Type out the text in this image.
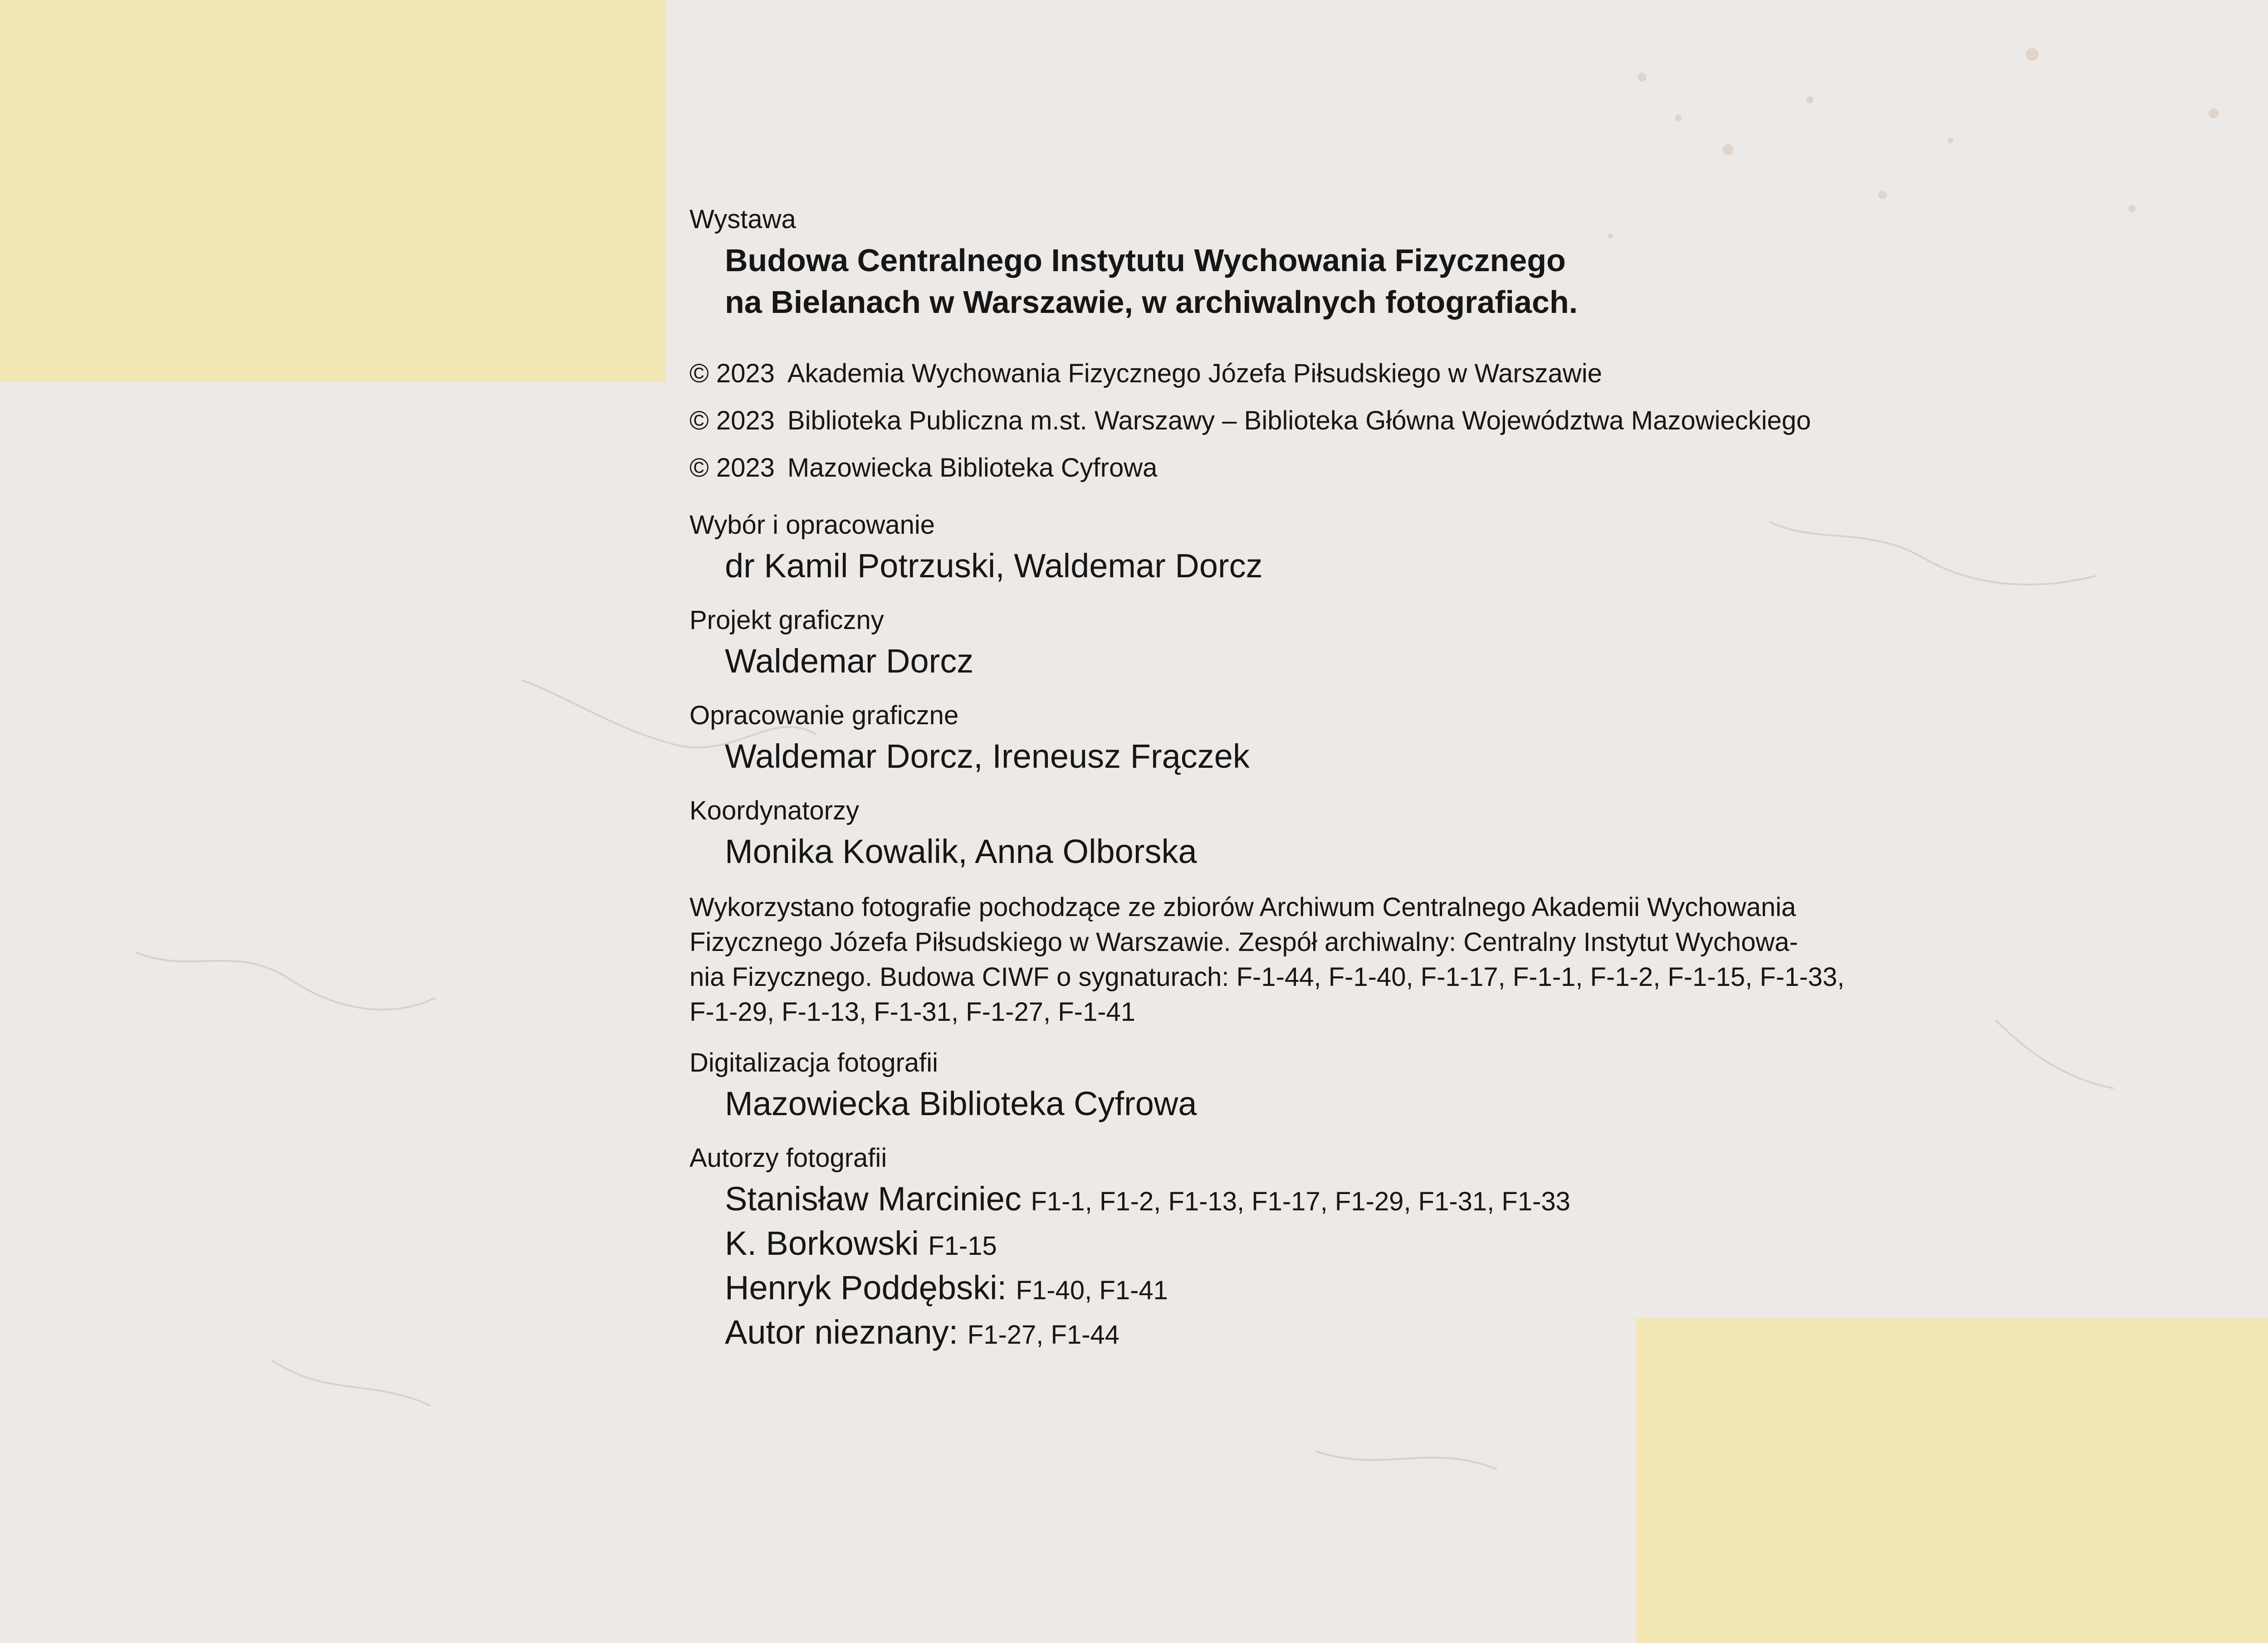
Wystawa
Budowa Centralnego Instytutu Wychowania Fizycznego
na Bielanach w Warszawie, w archiwalnych fotografiach.
© 2023 Akademia Wychowania Fizycznego Józefa Piłsudskiego w Warszawie
© 2023 Biblioteka Publiczna m.st. Warszawy – Biblioteka Główna Województwa Mazowieckiego
© 2023 Mazowiecka Biblioteka Cyfrowa
Wybór i opracowanie
dr Kamil Potrzuski, Waldemar Dorcz
Projekt graficzny
Waldemar Dorcz
Opracowanie graficzne
Waldemar Dorcz, Ireneusz Frączek
Koordynatorzy
Monika Kowalik, Anna Olborska
Wykorzystano fotografie pochodzące ze zbiorów Archiwum Centralnego Akademii Wychowania
Fizycznego Józefa Piłsudskiego w Warszawie. Zespół archiwalny: Centralny Instytut Wychowa-
nia Fizycznego. Budowa CIWF o sygnaturach: F-1-44, F-1-40, F-1-17, F-1-1, F-1-2, F-1-15, F-1-33,
F-1-29, F-1-13, F-1-31, F-1-27, F-1-41
Digitalizacja fotografii
Mazowiecka Biblioteka Cyfrowa
Autorzy fotografii
Stanisław Marciniec F1-1, F1-2, F1-13, F1-17, F1-29, F1-31, F1-33
K. Borkowski F1-15
Henryk Poddębski: F1-40, F1-41
Autor nieznany: F1-27, F1-44
